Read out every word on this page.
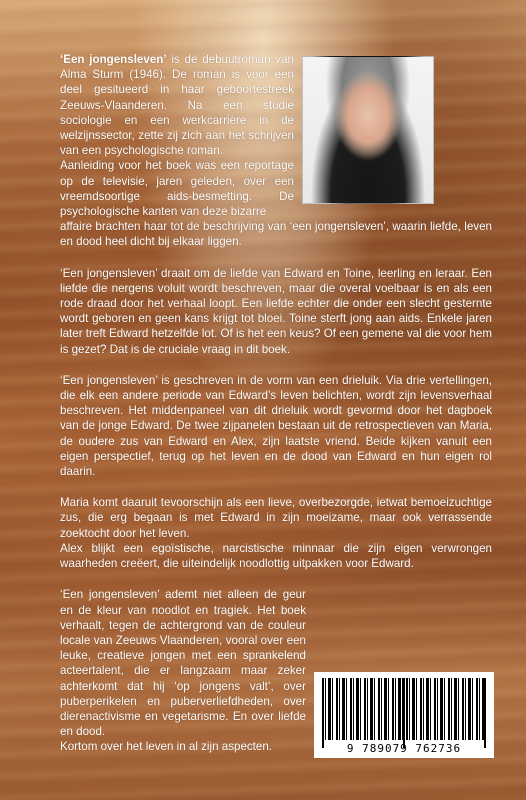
‘Een jongensleven’ is de debuutroman van Alma Sturm (1946). De roman is voor een deel gesitueerd in haar geboortestreek Zeeuws-Vlaanderen. Na een studie sociologie en een werkcarrière in de welzijnssector, zette zij zich aan het schrijven van een psychologische roman.

Aanleiding voor het boek was een reportage op de televisie, jaren geleden, over een vreemdsoortige aids-besmetting. De psychologische kanten van deze bizarre

affaire brachten haar tot de beschrijving van ‘een jongensleven’, waarin liefde, leven en dood heel dicht bij elkaar liggen.

‘Een jongensleven’ draait om de liefde van Edward en Toine, leerling en leraar. Een liefde die nergens voluit wordt beschreven, maar die overal voelbaar is en als een rode draad door het verhaal loopt. Een liefde echter die onder een slecht gesternte wordt geboren en geen kans krijgt tot bloei. Toine sterft jong aan aids. Enkele jaren later treft Edward hetzelfde lot. Of is het een keus? Of een gemene val die voor hem is gezet? Dat is de cruciale vraag in dit boek.

‘Een jongensleven’ is geschreven in de vorm van een drieluik. Via drie vertellingen, die elk een andere periode van Edward’s leven belichten, wordt zijn levensverhaal beschreven. Het middenpaneel van dit drieluik wordt gevormd door het dagboek van de jonge Edward. De twee zijpanelen bestaan uit de retrospectieven van Maria, de oudere zus van Edward en Alex, zijn laatste vriend. Beide kijken vanuit een eigen perspectief, terug op het leven en de dood van Edward en hun eigen rol daarin.

Maria komt daaruit tevoorschijn als een lieve, overbezorgde, ietwat bemoeizuchtige zus, die erg begaan is met Edward in zijn moeizame, maar ook verrassende zoektocht door het leven.

Alex blijkt een egoïstische, narcistische minnaar die zijn eigen verwrongen waarheden creëert, die uiteindelijk noodlottig uitpakken voor Edward.

‘Een jongensleven’ ademt niet alleen de geur en de kleur van noodlot en tragiek. Het boek verhaalt, tegen de achtergrond van de couleur locale van Zeeuws Vlaanderen, vooral over een leuke, creatieve jongen met een sprankelend acteertalent, die er langzaam maar zeker achterkomt dat hij ‘op jongens valt’, over puberperikelen en puberverliefdheden, over dierenactivisme en vegetarisme. En over liefde en dood.

Kortom over het leven in al zijn aspecten.	9 789079 762736
